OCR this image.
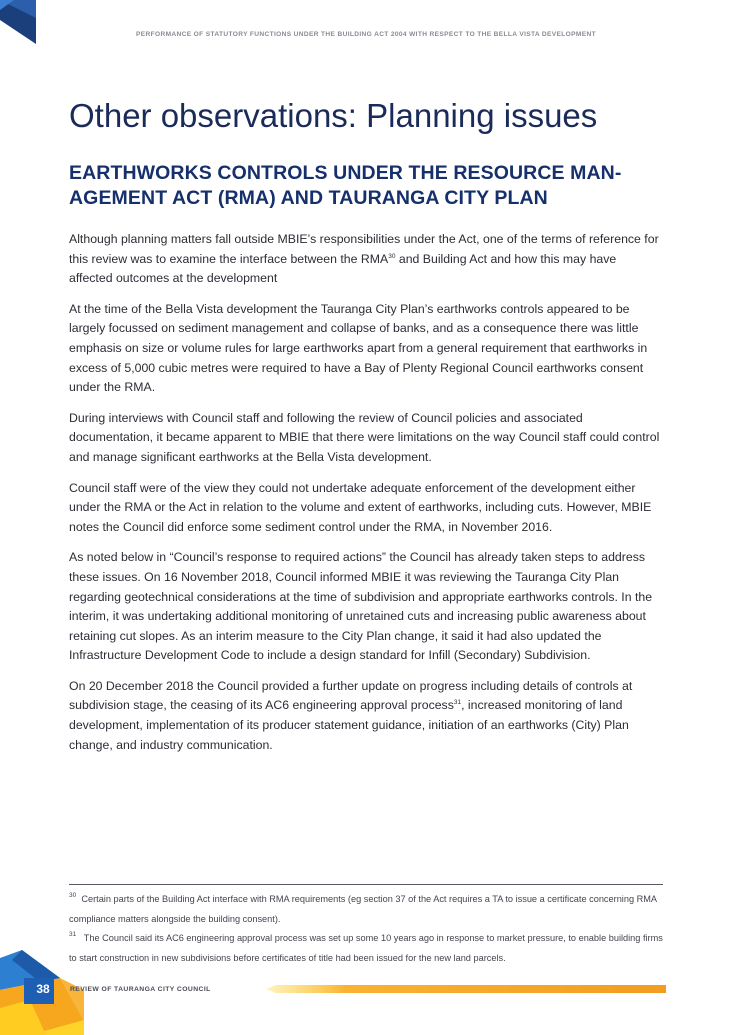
PERFORMANCE OF STATUTORY FUNCTIONS UNDER THE BUILDING ACT 2004 WITH RESPECT TO THE BELLA VISTA DEVELOPMENT
Other observations: Planning issues
EARTHWORKS CONTROLS UNDER THE RESOURCE MAN-AGEMENT ACT (RMA) AND TAURANGA CITY PLAN

Although planning matters fall outside MBIE’s responsibilities under the Act, one of the terms of reference for this review was to examine the interface between the RMA$^{30}$ and Building Act and how this may have affected outcomes at the development

At the time of the Bella Vista development the Tauranga City Plan’s earthworks controls appeared to be largely focussed on sediment management and collapse of banks, and as a consequence there was little emphasis on size or volume rules for large earthworks apart from a general requirement that earthworks in excess of 5,000 cubic metres were required to have a Bay of Plenty Regional Council earthworks consent under the RMA.

During interviews with Council staff and following the review of Council policies and associated documentation, it became apparent to MBIE that there were limitations on the way Council staff could control and manage significant earthworks at the Bella Vista development.

Council staff were of the view they could not undertake adequate enforcement of the development either under the RMA or the Act in relation to the volume and extent of earthworks, including cuts. However, MBIE notes the Council did enforce some sediment control under the RMA, in November 2016.

As noted below in “Council’s response to required actions” the Council has already taken steps to address these issues. On 16 November 2018, Council informed MBIE it was reviewing the Tauranga City Plan regarding geotechnical considerations at the time of subdivision and appropriate earthworks controls. In the interim, it was undertaking additional monitoring of unretained cuts and increasing public awareness about retaining cut slopes. As an interim measure to the City Plan change, it said it had also updated the Infrastructure Development Code to include a design standard for Infill (Secondary) Subdivision.

On 20 December 2018 the Council provided a further update on progress including details of controls at subdivision stage, the ceasing of its AC6 engineering approval process$^{31}$, increased monitoring of land development, implementation of its producer statement guidance, initiation of an earthworks (City) Plan change, and industry communication.

$^{30}$ Certain parts of the Building Act interface with RMA requirements (eg section 37 of the Act requires a TA to issue a certificate concerning RMA compliance matters alongside the building consent).

$^{31}$ The Council said its AC6 engineering approval process was set up some 10 years ago in response to market pressure, to enable building firms to start construction in new subdivisions before certificates of title had been issued for the new land parcels.

38	REVIEW OF TAURANGA CITY COUNCIL
